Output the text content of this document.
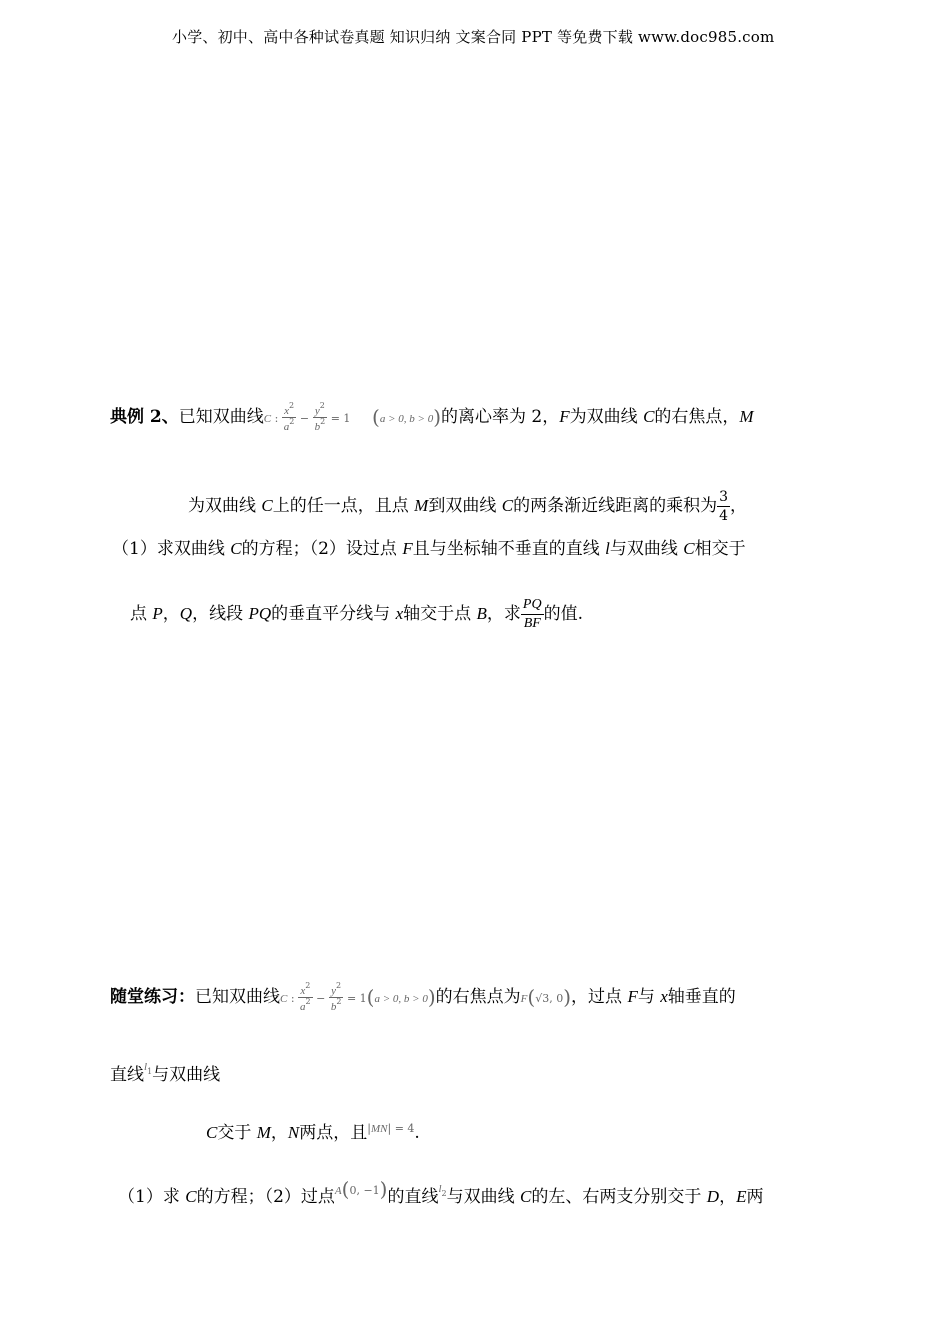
小学、初中、高中各种试卷真题 知识归纳 文案合同 PPT 等免费下载 www.doc985.com
典例 2、已知双曲线C : $\frac{x^2}{a^2} - \frac{y^2}{b^2} = 1$ (a > 0, b > 0)的离心率为 2，F为双曲线 C的右焦点，M
为双曲线 C上的任一点，且点 M到双曲线 C的两条渐近线距离的乘积为 $\frac{3}{4}$ ，
（1）求双曲线 C的方程；（2）设过点 F且与坐标轴不垂直的直线 l与双曲线 C相交于
点 P，Q，线段 PQ的垂直平分线与 x轴交于点 B，求 $\frac{PQ}{BF}$ 的值.
随堂练习：已知双曲线C : $\frac{x^2}{a^2} - \frac{y^2}{b^2} = 1(a > 0$, b > 0)的右焦点为F(√3, 0)，过点 F与 x轴垂直的
直线$^{l1}$与双曲线
C交于 M，N两点，且|MN| = 4.
（1）求 C的方程；（2）过点A(0, −1)的直线$^{l2}$与双曲线 C的左、右两支分别交于 D，E两
